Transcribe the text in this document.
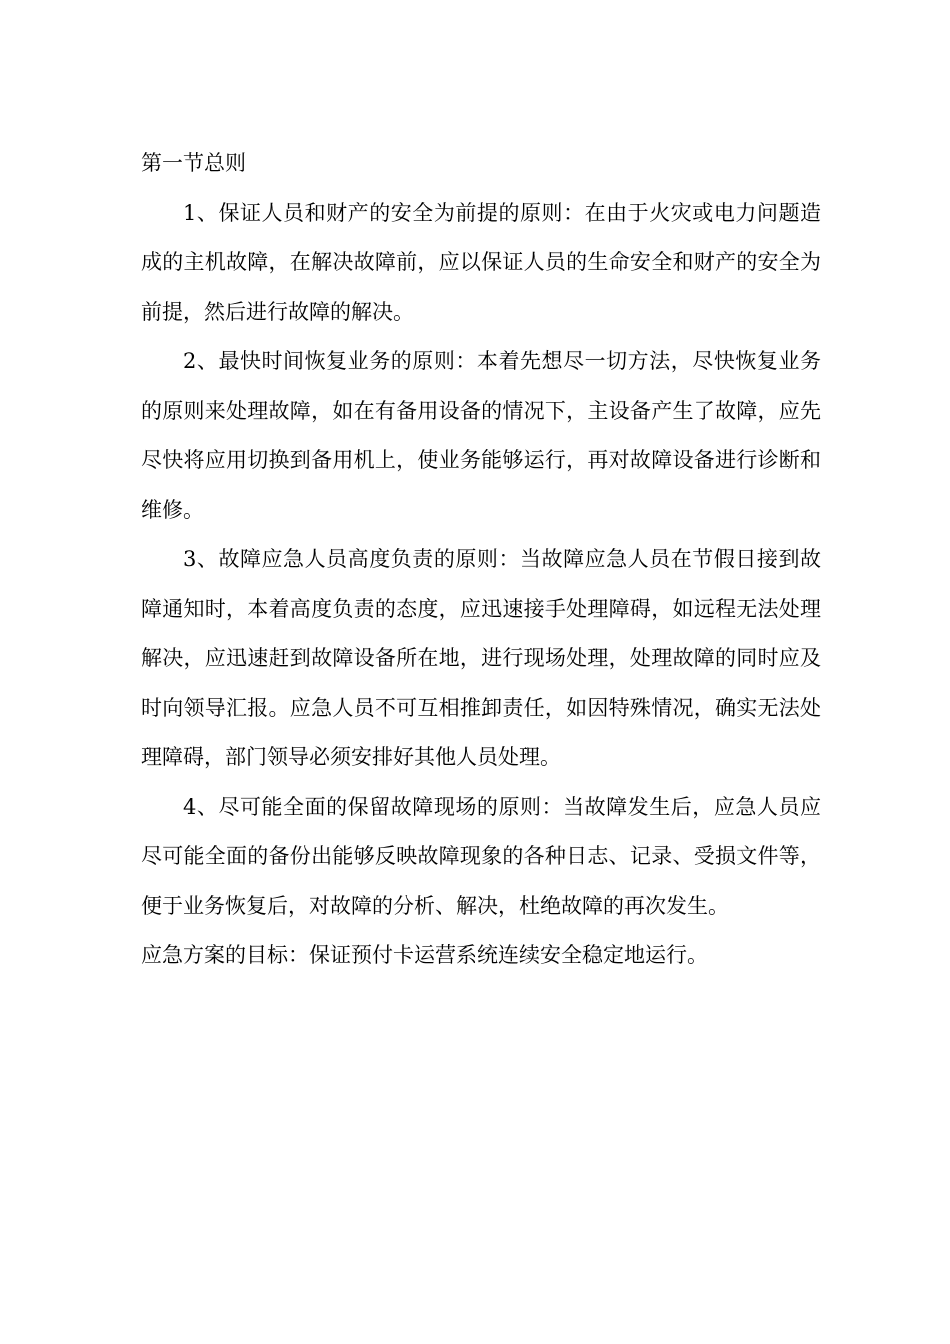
第一节总则

1、保证人员和财产的安全为前提的原则：在由于火灾或电力问题造成的主机故障，在解决故障前，应以保证人员的生命安全和财产的安全为前提，然后进行故障的解决。

2、最快时间恢复业务的原则：本着先想尽一切方法，尽快恢复业务的原则来处理故障，如在有备用设备的情况下，主设备产生了故障，应先尽快将应用切换到备用机上，使业务能够运行，再对故障设备进行诊断和维修。

3、故障应急人员高度负责的原则：当故障应急人员在节假日接到故障通知时，本着高度负责的态度，应迅速接手处理障碍，如远程无法处理解决，应迅速赶到故障设备所在地，进行现场处理，处理故障的同时应及时向领导汇报。应急人员不可互相推卸责任，如因特殊情况，确实无法处理障碍，部门领导必须安排好其他人员处理。

4、尽可能全面的保留故障现场的原则：当故障发生后，应急人员应尽可能全面的备份出能够反映故障现象的各种日志、记录、受损文件等，便于业务恢复后，对故障的分析、解决，杜绝故障的再次发生。

应急方案的目标：保证预付卡运营系统连续安全稳定地运行。
